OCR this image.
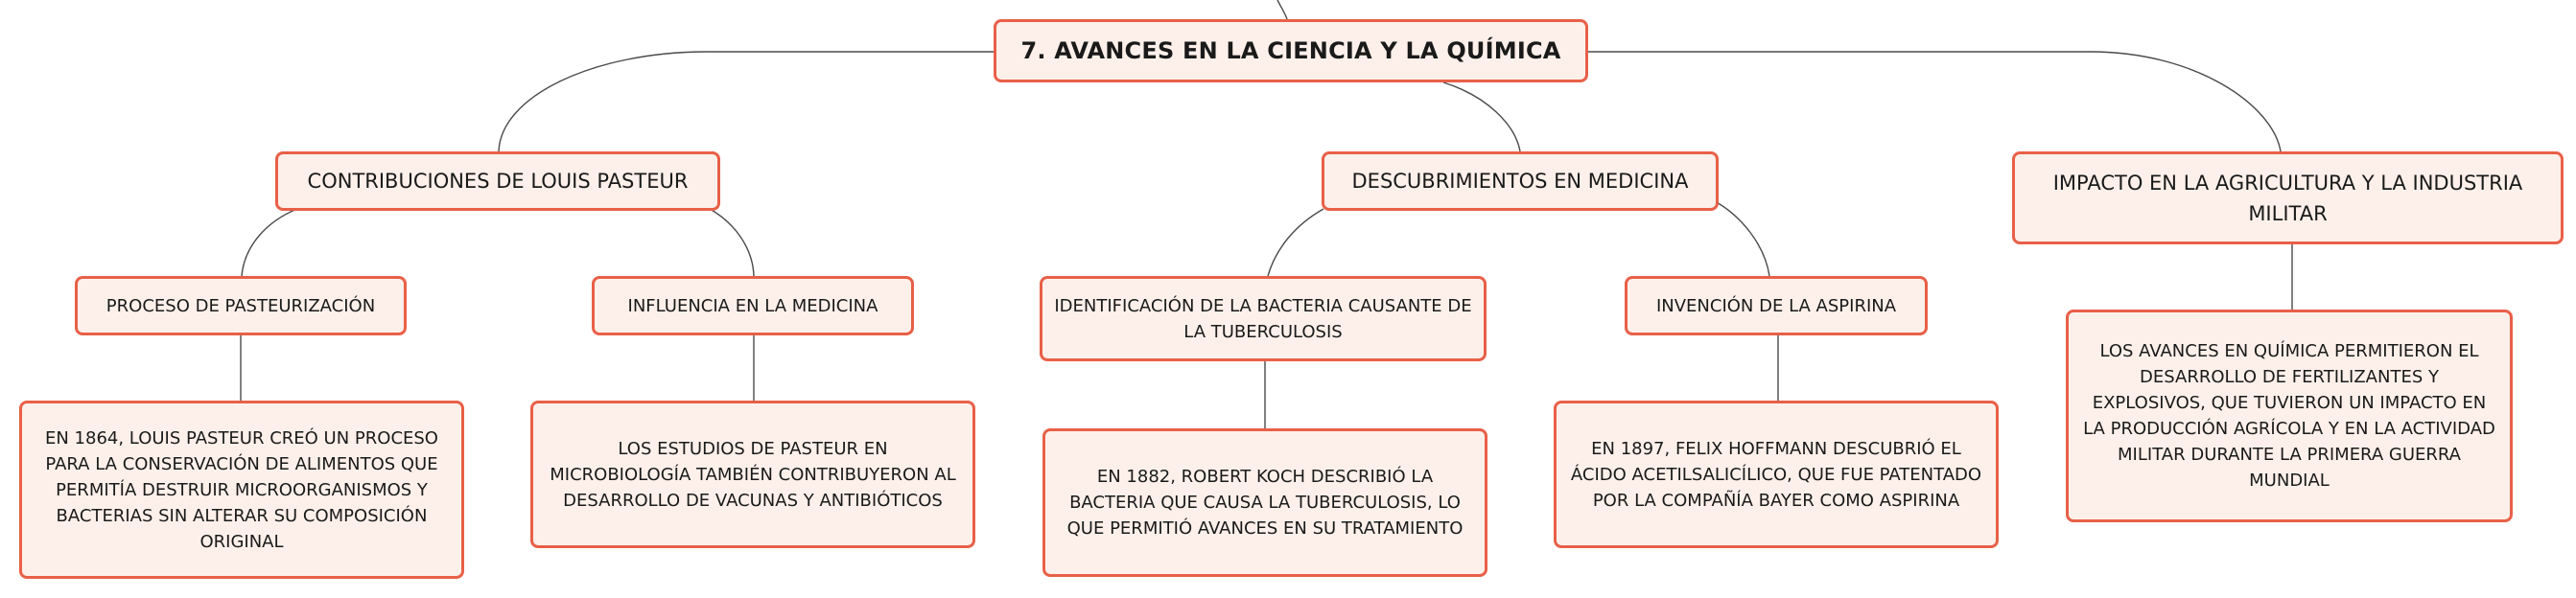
7. AVANCES EN LA CIENCIA Y LA QUÍMICA
CONTRIBUCIONES DE LOUIS PASTEUR	DESCUBRIMIENTOS EN MEDICINA	IMPACTO EN LA AGRICULTURA Y LA INDUSTRIA MILITAR
PROCESO DE PASTEURIZACIÓN	INFLUENCIA EN LA MEDICINA	IDENTIFICACIÓN DE LA BACTERIA CAUSANTE DE LA TUBERCULOSIS
INVENCIÓN DE LA ASPIRINA
EN 1864, LOUIS PASTEUR CREÓ UN PROCESO PARA LA CONSERVACIÓN DE ALIMENTOS QUE PERMITÍA DESTRUIR MICROORGANISMOS Y BACTERIAS SIN ALTERAR SU COMPOSICIÓN ORIGINAL
LOS ESTUDIOS DE PASTEUR EN MICROBIOLOGÍA TAMBIÉN CONTRIBUYERON AL DESARROLLO DE VACUNAS Y ANTIBIÓTICOS
EN 1882, ROBERT KOCH DESCRIBIÓ LA BACTERIA QUE CAUSA LA TUBERCULOSIS, LO QUE PERMITIÓ AVANCES EN SU TRATAMIENTO
EN 1897, FELIX HOFFMANN DESCUBRIÓ EL ÁCIDO ACETILSALICÍLICO, QUE FUE PATENTADO POR LA COMPAÑÍA BAYER COMO ASPIRINA
LOS AVANCES EN QUÍMICA PERMITIERON EL DESARROLLO DE FERTILIZANTES Y EXPLOSIVOS, QUE TUVIERON UN IMPACTO EN LA PRODUCCIÓN AGRÍCOLA Y EN LA ACTIVIDAD MILITAR DURANTE LA PRIMERA GUERRA MUNDIAL
